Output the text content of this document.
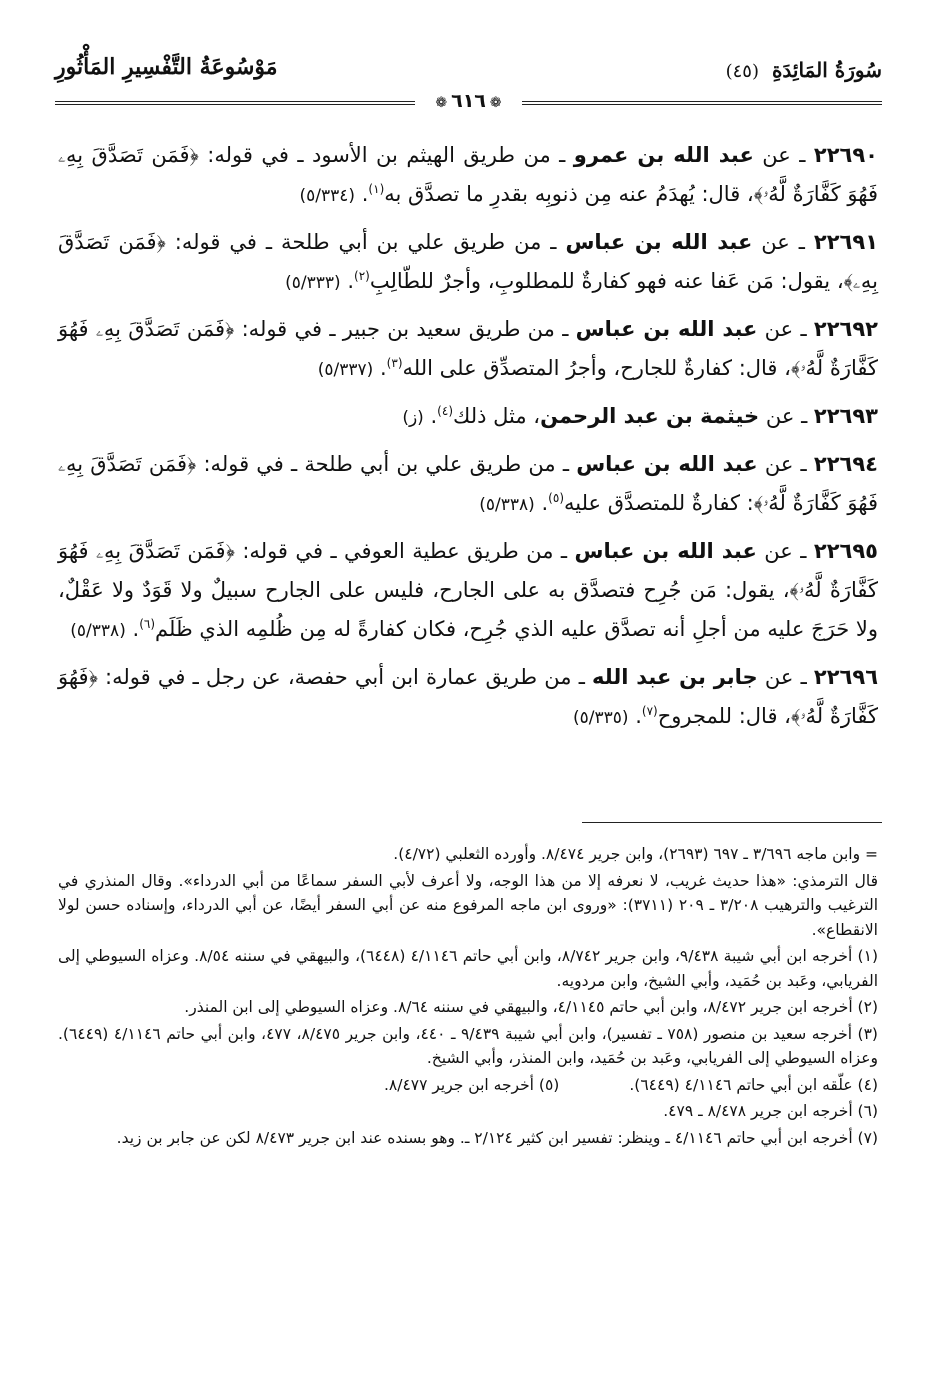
سُورَةُ المَائِدَةِ (٤٥)
مَوْسُوعَةُ التَّفْسِيرِ المَأْثُورِ
❁٦١٦❁

٢٢٦٩٠ ـ عن عبد الله بن عمرو ـ من طريق الهيثم بن الأسود ـ في قوله: ﴿فَمَن تَصَدَّقَ بِهِۦ فَهُوَ كَفَّارَةٌ لَّهُۥ﴾، قال: يُهدَمُ عنه مِن ذنوبِه بقدرِ ما تصدَّق به$^{(١)}$. (٥/٣٣٤)

٢٢٦٩١ ـ عن عبد الله بن عباس ـ من طريق علي بن أبي طلحة ـ في قوله: ﴿فَمَن تَصَدَّقَ بِهِۦ﴾، يقول: مَن عَفا عنه فهو كفارةٌ للمطلوبِ، وأجرٌ للطّالِبِ$^{(٢)}$. (٥/٣٣٣)

٢٢٦٩٢ ـ عن عبد الله بن عباس ـ من طريق سعيد بن جبير ـ في قوله: ﴿فَمَن تَصَدَّقَ بِهِۦ فَهُوَ كَفَّارَةٌ لَّهُۥ﴾، قال: كفارةٌ للجارح، وأجرُ المتصدِّق على الله$^{(٣)}$. (٥/٣٣٧)

٢٢٦٩٣ ـ عن خيثمة بن عبد الرحمن، مثل ذلك$^{(٤)}$. (ز)

٢٢٦٩٤ ـ عن عبد الله بن عباس ـ من طريق علي بن أبي طلحة ـ في قوله: ﴿فَمَن تَصَدَّقَ بِهِۦ فَهُوَ كَفَّارَةٌ لَّهُۥ﴾: كفارةٌ للمتصدَّق عليه$^{(٥)}$. (٥/٣٣٨)

٢٢٦٩٥ ـ عن عبد الله بن عباس ـ من طريق عطية العوفي ـ في قوله: ﴿فَمَن تَصَدَّقَ بِهِۦ فَهُوَ كَفَّارَةٌ لَّهُۥ﴾، يقول: مَن جُرِح فتصدَّق به على الجارح، فليس على الجارح سبيلٌ ولا قَوَدٌ ولا عَقْلٌ، ولا حَرَجَ عليه من أجلِ أنه تصدَّق عليه الذي جُرِح، فكان كفارةً له مِن ظُلمِه الذي ظَلَم$^{(٦)}$. (٥/٣٣٨)

٢٢٦٩٦ ـ عن جابر بن عبد الله ـ من طريق عمارة ابن أبي حفصة، عن رجل ـ في قوله: ﴿فَهُوَ كَفَّارَةٌ لَّهُۥ﴾، قال: للمجروح$^{(٧)}$. (٥/٣٣٥)

= وابن ماجه ٣/٦٩٦ ـ ٦٩٧ (٢٦٩٣)، وابن جرير ٨/٤٧٤. وأورده الثعلبي (٤/٧٢).

قال الترمذي: «هذا حديث غريب، لا نعرفه إلا من هذا الوجه، ولا أعرف لأبي السفر سماعًا من أبي الدرداء». وقال المنذري في الترغيب والترهيب ٣/٢٠٨ ـ ٢٠٩ (٣٧١١): «وروى ابن ماجه المرفوع منه عن أبي السفر أيضًا، عن أبي الدرداء، وإسناده حسن لولا الانقطاع».

(١) أخرجه ابن أبي شيبة ٩/٤٣٨، وابن جرير ٨/٧٤٢، وابن أبي حاتم ٤/١١٤٦ (٦٤٤٨)، والبيهقي في سننه ٨/٥٤. وعزاه السيوطي إلى الفريابي، وعَبد بن حُمَيد، وأبي الشيخ، وابن مردويه.

(٢) أخرجه ابن جرير ٨/٤٧٢، وابن أبي حاتم ٤/١١٤٥، والبيهقي في سننه ٨/٦٤. وعزاه السيوطي إلى ابن المنذر.

(٣) أخرجه سعيد بن منصور (٧٥٨ ـ تفسير)، وابن أبي شيبة ٩/٤٣٩ ـ ٤٤٠، وابن جرير ٨/٤٧٥، ٤٧٧، وابن أبي حاتم ٤/١١٤٦ (٦٤٤٩). وعزاه السيوطي إلى الفريابي، وعَبد بن حُمَيد، وابن المنذر، وأبي الشيخ.

(٤) علّقه ابن أبي حاتم ٤/١١٤٦ (٦٤٤٩).
(٥) أخرجه ابن جرير ٨/٤٧٧.

(٦) أخرجه ابن جرير ٨/٤٧٨ ـ ٤٧٩.

(٧) أخرجه ابن أبي حاتم ٤/١١٤٦ ـ وينظر: تفسير ابن كثير ٢/١٢٤ ـ. وهو بسنده عند ابن جرير ٨/٤٧٣ لكن عن جابر بن زيد.
